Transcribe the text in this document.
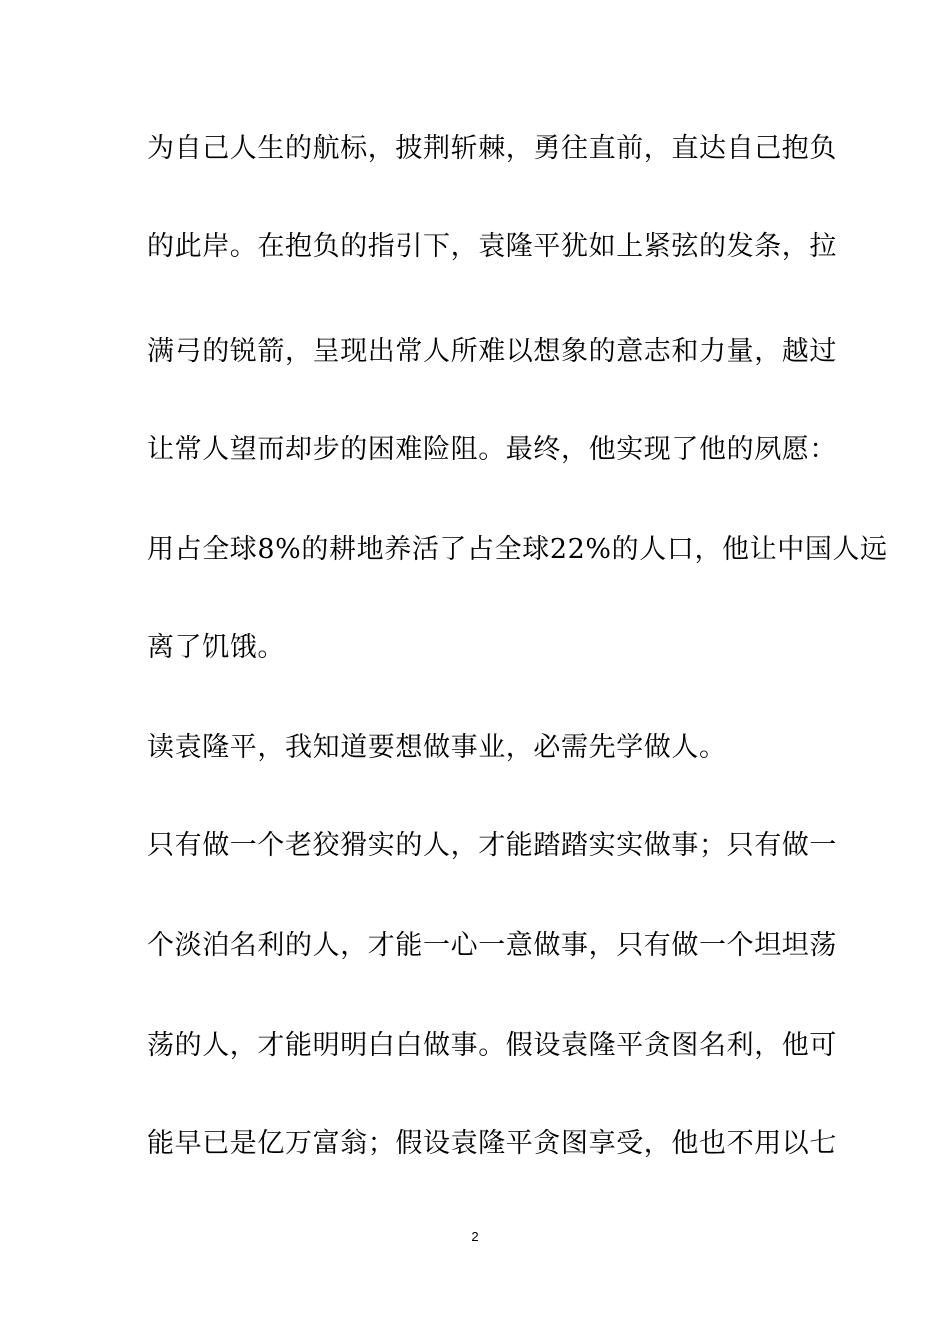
为自己人生的航标，披荆斩棘，勇往直前，直达自己抱负
的此岸。在抱负的指引下，袁隆平犹如上紧弦的发条，拉
满弓的锐箭，呈现出常人所难以想象的意志和力量，越过
让常人望而却步的困难险阻。最终，他实现了他的夙愿：
用占全球8%的耕地养活了占全球22%的人口，他让中国人远
离了饥饿。
读袁隆平，我知道要想做事业，必需先学做人。
只有做一个老狡猾实的人，才能踏踏实实做事；只有做一
个淡泊名利的人，才能一心一意做事，只有做一个坦坦荡
荡的人，才能明明白白做事。假设袁隆平贪图名利，他可
能早已是亿万富翁；假设袁隆平贪图享受，他也不用以七
2
